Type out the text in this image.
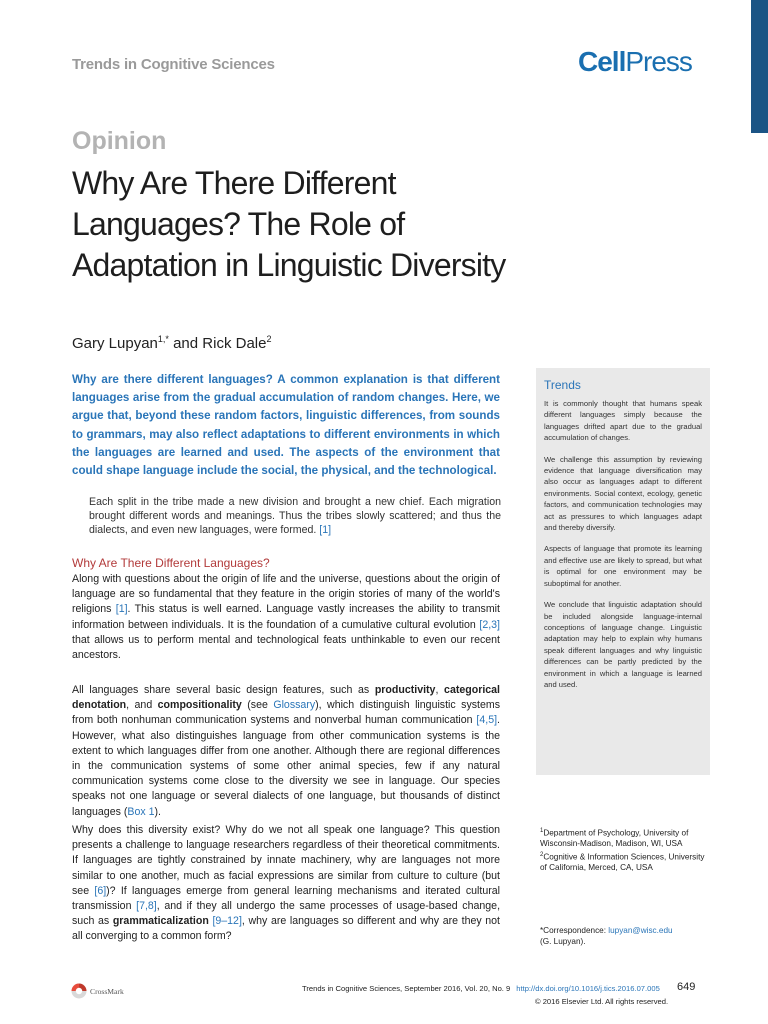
Trends in Cognitive Sciences	CellPress
Opinion
Why Are There Different Languages? The Role of Adaptation in Linguistic Diversity
Gary Lupyan$^{1,*}$ and Rick Dale$^2$
Why are there different languages? A common explanation is that different languages arise from the gradual accumulation of random changes. Here, we argue that, beyond these random factors, linguistic differences, from sounds to grammars, may also reflect adaptations to different environments in which the languages are learned and used. The aspects of the environment that could shape language include the social, the physical, and the technological.
Each split in the tribe made a new division and brought a new chief. Each migration brought different words and meanings. Thus the tribes slowly scattered; and thus the dialects, and even new languages, were formed. [1]
Why Are There Different Languages?
Along with questions about the origin of life and the universe, questions about the origin of language are so fundamental that they feature in the origin stories of many of the world's religions [1]. This status is well earned. Language vastly increases the ability to transmit information between individuals. It is the foundation of a cumulative cultural evolution [2,3] that allows us to perform mental and technological feats unthinkable to even our recent ancestors.
All languages share several basic design features, such as productivity, categorical denotation, and compositionality (see Glossary), which distinguish linguistic systems from both nonhuman communication systems and nonverbal human communication [4,5]. However, what also distinguishes language from other communication systems is the extent to which languages differ from one another. Although there are regional differences in the communication systems of some other animal species, few if any natural communication systems come close to the diversity we see in language. Our species speaks not one language or several dialects of one language, but thousands of distinct languages (Box 1).
Why does this diversity exist? Why do we not all speak one language? This question presents a challenge to language researchers regardless of their theoretical commitments. If languages are tightly constrained by innate machinery, why are languages not more similar to one another, much as facial expressions are similar from culture to culture (but see [6])? If languages emerge from general learning mechanisms and iterated cultural transmission [7,8], and if they all undergo the same processes of usage-based change, such as grammaticalization [9–12], why are languages so different and why are they not all converging to a common form?
Trends

It is commonly thought that humans speak different languages simply because the languages drifted apart due to the gradual accumulation of changes.

We challenge this assumption by reviewing evidence that language diversification may also occur as languages adapt to different environments. Social context, ecology, genetic factors, and communication technologies may act as pressures to which languages adapt and thereby diversify.

Aspects of language that promote its learning and effective use are likely to spread, but what is optimal for one environment may be suboptimal for another.

We conclude that linguistic adaptation should be included alongside language-internal conceptions of language change. Linguistic adaptation may help to explain why humans speak different languages and why linguistic differences can be partly predicted by the environment in which a language is learned and used.

$^1$Department of Psychology, University of Wisconsin-Madison, Madison, WI, USA

$^2$Cognitive & Information Sciences, University of California, Merced, CA, USA

*Correspondence: lupyan@wisc.edu
(G. Lupyan).
CrossMark	Trends in Cognitive Sciences, September 2016, Vol. 20, No. 9 http://dx.doi.org/10.1016/j.tics.2016.07.005 649
© 2016 Elsevier Ltd. All rights reserved.
